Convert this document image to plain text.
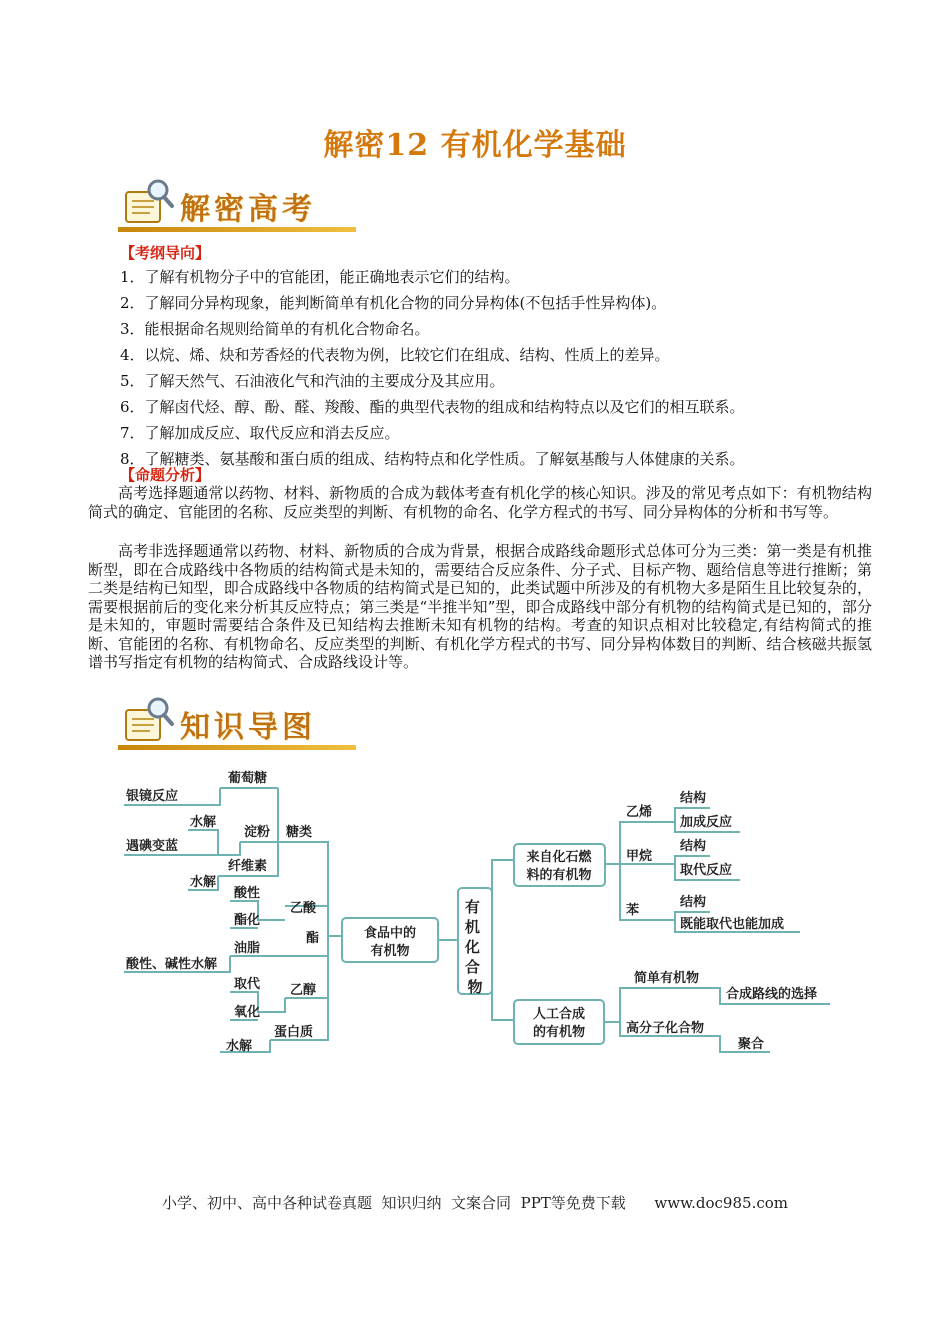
解密12 有机化学基础
解密高考
【考纲导向】
1．了解有机物分子中的官能团，能正确地表示它们的结构。
2．了解同分异构现象，能判断简单有机化合物的同分异构体(不包括手性异构体)。
3．能根据命名规则给简单的有机化合物命名。
4．以烷、烯、炔和芳香烃的代表物为例，比较它们在组成、结构、性质上的差异。
5．了解天然气、石油液化气和汽油的主要成分及其应用。
6．了解卤代烃、醇、酚、醛、羧酸、酯的典型代表物的组成和结构特点以及它们的相互联系。
7．了解加成反应、取代反应和消去反应。
8．了解糖类、氨基酸和蛋白质的组成、结构特点和化学性质。了解氨基酸与人体健康的关系。
【命题分析】

高考选择题通常以药物、材料、新物质的合成为载体考查有机化学的核心知识。涉及的常见考点如下：有机物结构简式的确定、官能团的名称、反应类型的判断、有机物的命名、化学方程式的书写、同分异构体的分析和书写等。

高考非选择题通常以药物、材料、新物质的合成为背景，根据合成路线命题形式总体可分为三类：第一类是有机推断型，即在合成路线中各物质的结构简式是未知的，需要结合反应条件、分子式、目标产物、题给信息等进行推断；第二类是结构已知型，即合成路线中各物质的结构简式是已知的，此类试题中所涉及的有机物大多是陌生且比较复杂的，需要根据前后的变化来分析其反应特点；第三类是“半推半知”型，即合成路线中部分有机物的结构简式是已知的，部分是未知的，审题时需要结合条件及已知结构去推断未知有机物的结构。考查的知识点相对比较稳定,有结构简式的推断、官能团的名称、有机物命名、反应类型的判断、有机化学方程式的书写、同分异构体数目的判断、结合核磁共振氢谱书写指定有机物的结构简式、合成路线设计等。

知识导图
食品中的
有机物
有 机 化 合 物
来自化石燃
料的有机物
人工合成
的有机物
葡萄糖
银镜反应
淀粉 糖类
水解
遇碘变蓝
纤维素
水解
酸性
乙酸
酯化
酯
油脂
酸性、碱性水解
取代 乙醇
氧化
蛋白质
水解
乙烯
结构
加成反应
甲烷
结构
取代反应
苯
结构
既能取代也能加成
简单有机物
合成路线的选择
高分子化合物
聚合
小学、初中、高中各种试卷真题  知识归纳  文案合同  PPT等免费下载      www.doc985.com
